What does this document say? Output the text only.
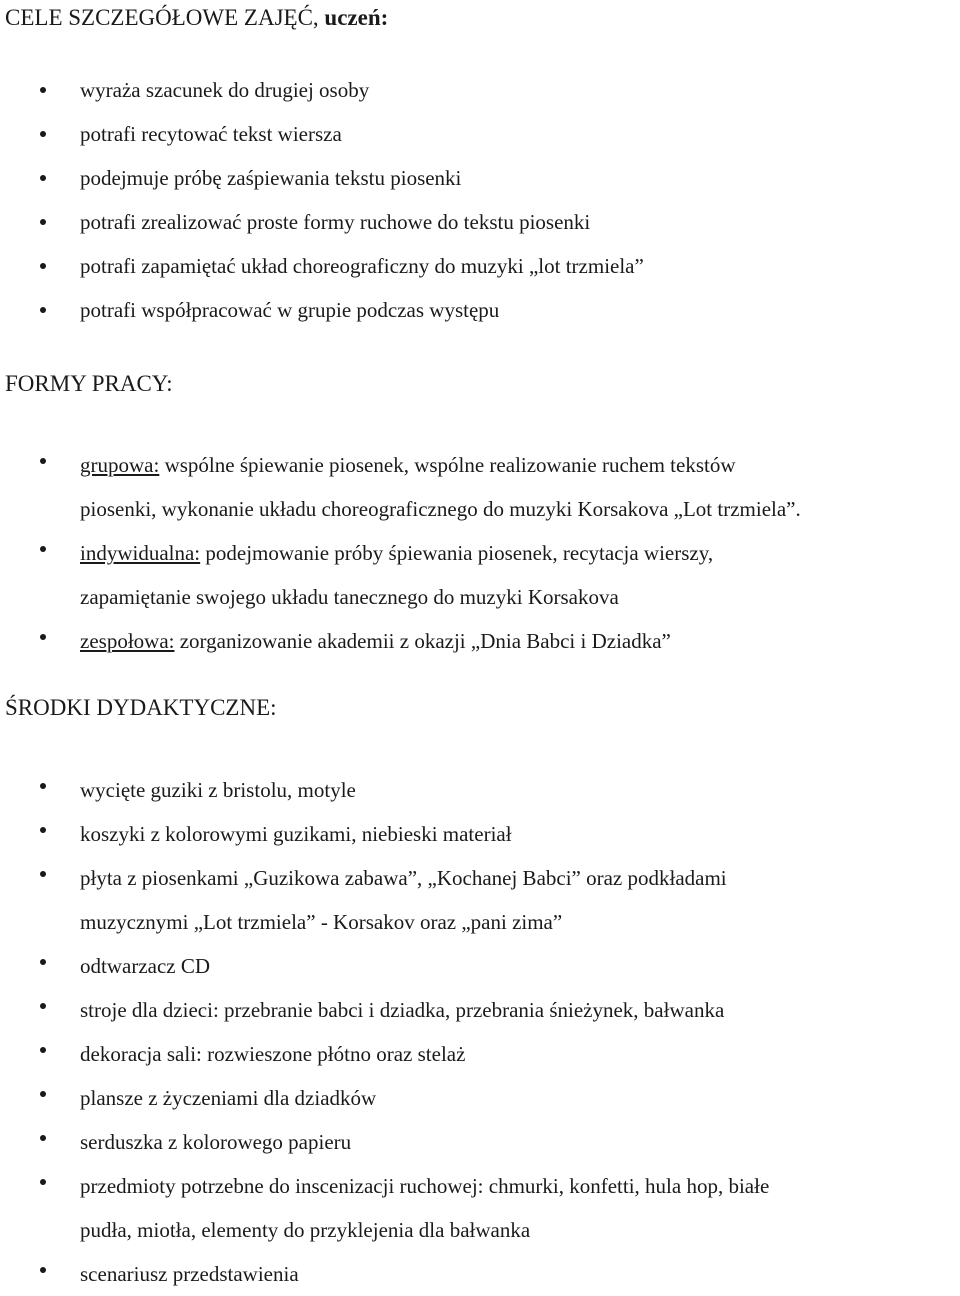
CELE SZCZEGÓŁOWE ZAJĘĆ, uczeń:
wyraża szacunek do drugiej osoby
potrafi recytować tekst wiersza
podejmuje próbę zaśpiewania tekstu piosenki
potrafi zrealizować proste formy ruchowe do tekstu piosenki
potrafi zapamiętać układ choreograficzny do muzyki „lot trzmiela”
potrafi współpracować w grupie podczas występu
FORMY PRACY:
grupowa: wspólne śpiewanie piosenek, wspólne realizowanie ruchem tekstów
piosenki, wykonanie układu choreograficznego do muzyki Korsakova „Lot trzmiela”.
indywidualna: podejmowanie próby śpiewania piosenek, recytacja wierszy,
zapamiętanie swojego układu tanecznego do muzyki Korsakova
zespołowa: zorganizowanie akademii z okazji „Dnia Babci i Dziadka”
ŚRODKI DYDAKTYCZNE:
wycięte guziki z bristolu, motyle
koszyki z kolorowymi guzikami, niebieski materiał
płyta z piosenkami „Guzikowa zabawa”, „Kochanej Babci” oraz podkładami
muzycznymi „Lot trzmiela” - Korsakov oraz „pani zima”
odtwarzacz CD
stroje dla dzieci: przebranie babci i dziadka, przebrania śnieżynek, bałwanka
dekoracja sali: rozwieszone płótno oraz stelaż
plansze z życzeniami dla dziadków
serduszka z kolorowego papieru
przedmioty potrzebne do inscenizacji ruchowej: chmurki, konfetti, hula hop, białe
pudła, miotła, elementy do przyklejenia dla bałwanka
scenariusz przedstawienia
